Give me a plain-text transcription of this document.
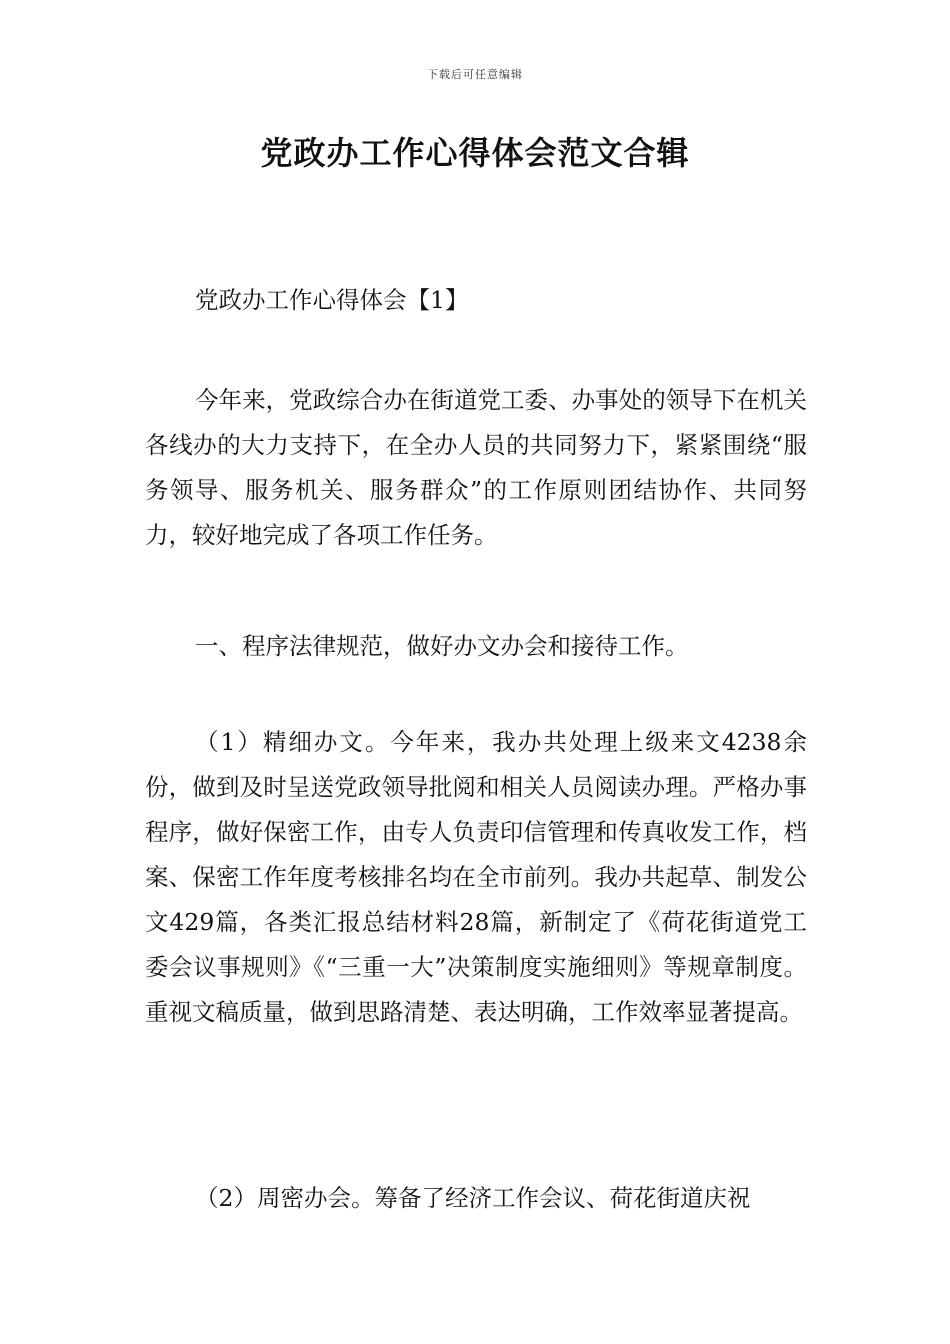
下载后可任意编辑
党政办工作心得体会范文合辑

党政办工作心得体会【1】

今年来，党政综合办在街道党工委、办事处的领导下在机关各线办的大力支持下，在全办人员的共同努力下，紧紧围绕“服务领导、服务机关、服务群众”的工作原则团结协作、共同努力，较好地完成了各项工作任务。

一、程序法律规范，做好办文办会和接待工作。

（1）精细办文。今年来，我办共处理上级来文4238余份，做到及时呈送党政领导批阅和相关人员阅读办理。严格办事程序，做好保密工作，由专人负责印信管理和传真收发工作，档案、保密工作年度考核排名均在全市前列。我办共起草、制发公文429篇，各类汇报总结材料28篇，新制定了《荷花街道党工委会议事规则》《“三重一大”决策制度实施细则》等规章制度。重视文稿质量，做到思路清楚、表达明确，工作效率显著提高。

（2）周密办会。筹备了经济工作会议、荷花街道庆祝
